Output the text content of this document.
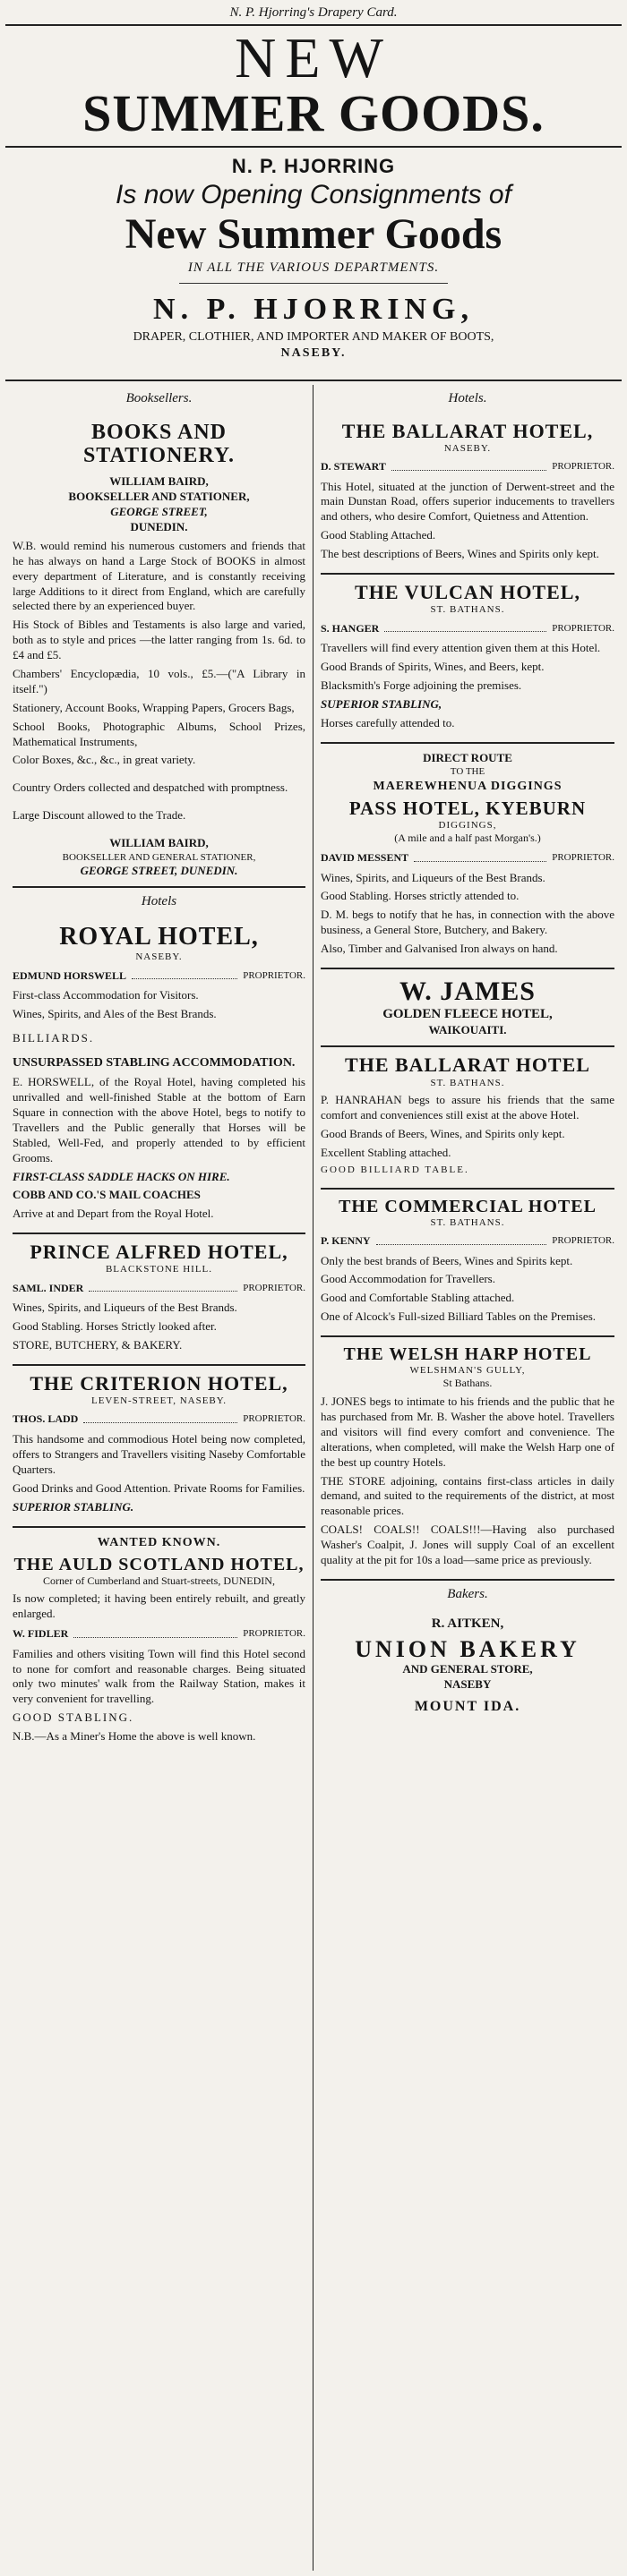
N. P. Hjorring's Drapery Card.
NEW
SUMMER GOODS.
N. P. HJORRING
Is now Opening Consignments of
New Summer Goods
IN ALL THE VARIOUS DEPARTMENTS.
N. P. HJORRING,
DRAPER, CLOTHIER, AND IMPORTER AND MAKER OF BOOTS,
NASEBY.
Booksellers.
BOOKS AND STATIONERY.
WILLIAM BAIRD,
BOOKSELLER AND STATIONER,
GEORGE STREET,
DUNEDIN.

W.B. would remind his numerous customers and friends that he has always on hand a Large Stock of BOOKS in almost every department of Literature, and is constantly receiving large Additions to it direct from England, which are carefully selected there by an experienced buyer.

His Stock of Bibles and Testaments is also large and varied, both as to style and prices —the latter ranging from 1s. 6d. to £4 and £5.

Chambers' Encyclopædia, 10 vols., £5.—("A Library in itself.")

Stationery, Account Books, Wrapping Papers, Grocers Bags,

School Books, Photographic Albums, School Prizes, Mathematical Instruments,

Color Boxes, &c., &c., in great variety.

Country Orders collected and despatched with promptness.

Large Discount allowed to the Trade.

WILLIAM BAIRD,
BOOKSELLER AND GENERAL STATIONER,
GEORGE STREET, DUNEDIN.
Hotels
ROYAL HOTEL,
NASEBY.
EDMUND HORSWELL	PROPRIETOR.

First-class Accommodation for Visitors.

Wines, Spirits, and Ales of the Best Brands.

BILLIARDS.

UNSURPASSED STABLING ACCOMMODATION.

E. HORSWELL, of the Royal Hotel, having completed his unrivalled and well-finished Stable at the bottom of Earn Square in connection with the above Hotel, begs to notify to Travellers and the Public generally that Horses will be Stabled, Well-Fed, and properly attended to by efficient Grooms.

FIRST-CLASS SADDLE HACKS ON HIRE.

COBB AND CO.'S MAIL COACHES

Arrive at and Depart from the Royal Hotel.

PRINCE ALFRED HOTEL,
BLACKSTONE HILL.
SAML. INDER	PROPRIETOR.

Wines, Spirits, and Liqueurs of the Best Brands.

Good Stabling. Horses Strictly looked after.

STORE, BUTCHERY, & BAKERY.

THE CRITERION HOTEL,
LEVEN-STREET, NASEBY.
THOS. LADD	PROPRIETOR.

This handsome and commodious Hotel being now completed, offers to Strangers and Travellers visiting Naseby Comfortable Quarters.

Good Drinks and Good Attention. Private Rooms for Families.

SUPERIOR STABLING.

WANTED KNOWN.
THE AULD SCOTLAND HOTEL,
Corner of Cumberland and Stuart-streets, DUNEDIN,

Is now completed; it having been entirely rebuilt, and greatly enlarged.

W. FIDLER	PROPRIETOR.

Families and others visiting Town will find this Hotel second to none for comfort and reasonable charges. Being situated only two minutes' walk from the Railway Station, makes it very convenient for travelling.

GOOD STABLING.

N.B.—As a Miner's Home the above is well known.

Hotels.
THE BALLARAT HOTEL,
NASEBY.
D. STEWART	PROPRIETOR.

This Hotel, situated at the junction of Derwent-street and the main Dunstan Road, offers superior inducements to travellers and others, who desire Comfort, Quietness and Attention.

Good Stabling Attached.

The best descriptions of Beers, Wines and Spirits only kept.

THE VULCAN HOTEL,
ST. BATHANS.
S. HANGER	PROPRIETOR.

Travellers will find every attention given them at this Hotel.

Good Brands of Spirits, Wines, and Beers, kept.

Blacksmith's Forge adjoining the premises.

SUPERIOR STABLING,

Horses carefully attended to.

DIRECT ROUTE
TO THE
MAEREWHENUA DIGGINGS
PASS HOTEL, KYEBURN
DIGGINGS,
(A mile and a half past Morgan's.)
DAVID MESSENT	PROPRIETOR.

Wines, Spirits, and Liqueurs of the Best Brands.

Good Stabling. Horses strictly attended to.

D. M. begs to notify that he has, in connection with the above business, a General Store, Butchery, and Bakery.

Also, Timber and Galvanised Iron always on hand.

W. JAMES
GOLDEN FLEECE HOTEL,
WAIKOUAITI.
THE BALLARAT HOTEL
ST. BATHANS.

P. HANRAHAN begs to assure his friends that the same comfort and conveniences still exist at the above Hotel.

Good Brands of Beers, Wines, and Spirits only kept.

Excellent Stabling attached.

GOOD BILLIARD TABLE.

THE COMMERCIAL HOTEL
ST. BATHANS.
P. KENNY	PROPRIETOR.

Only the best brands of Beers, Wines and Spirits kept.

Good Accommodation for Travellers.

Good and Comfortable Stabling attached.

One of Alcock's Full-sized Billiard Tables on the Premises.

THE WELSH HARP HOTEL
WELSHMAN'S GULLY,
St Bathans.

J. JONES begs to intimate to his friends and the public that he has purchased from Mr. B. Washer the above hotel. Travellers and visitors will find every comfort and convenience. The alterations, when completed, will make the Welsh Harp one of the best up country Hotels.

THE STORE adjoining, contains first-class articles in daily demand, and suited to the requirements of the district, at most reasonable prices.

COALS! COALS!! COALS!!!—Having also purchased Washer's Coalpit, J. Jones will supply Coal of an excellent quality at the pit for 10s a load—same price as previously.

Bakers.
R. AITKEN,
UNION BAKERY
AND GENERAL STORE,
NASEBY
MOUNT IDA.
